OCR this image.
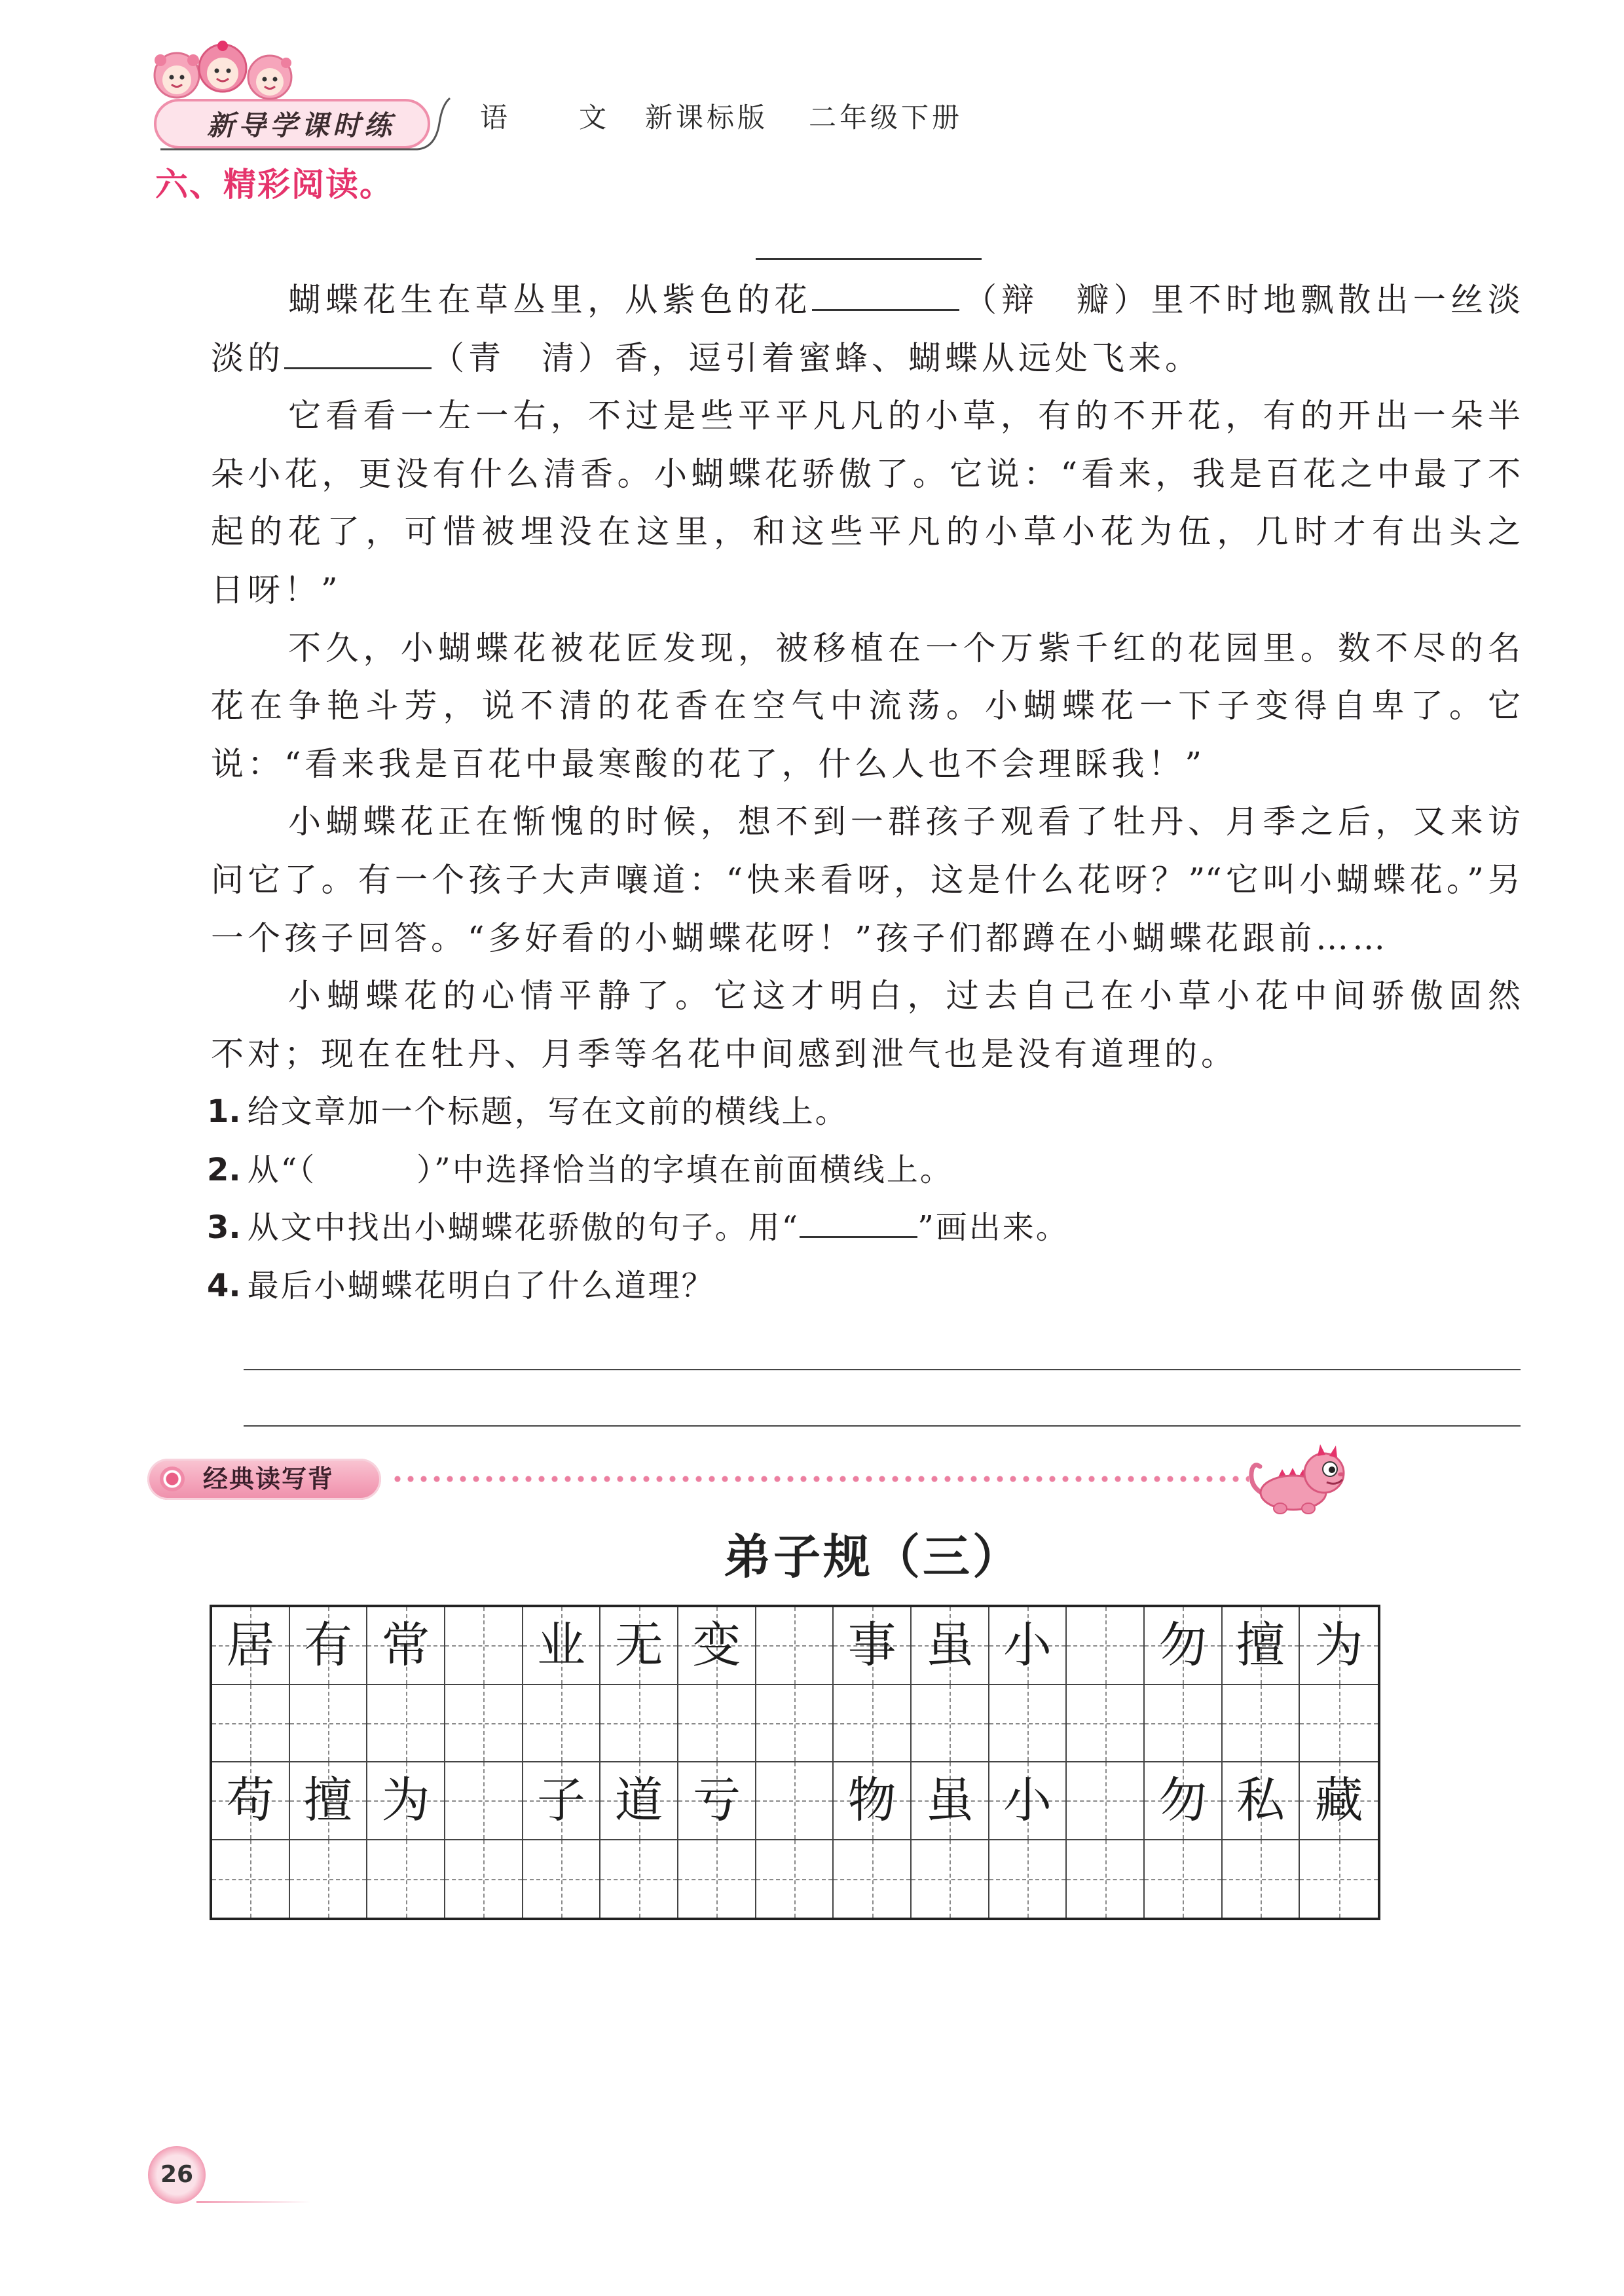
新导学课时练	语 文 新课标版 二年级下册
六、精彩阅读。
蝴蝶花生在草丛里，从紫色的花	（辩　瓣）里不时地飘散出一丝淡
淡的	（青　清）香，逗引着蜜蜂、蝴蝶从远处飞来。
它看看一左一右，不过是些平平凡凡的小草，有的不开花，有的开出一朵半
朵小花，更没有什么清香。小蝴蝶花骄傲了。它说：“看来，我是百花之中最了不
起的花了，可惜被埋没在这里，和这些平凡的小草小花为伍，几时才有出头之
日呀！”
不久，小蝴蝶花被花匠发现，被移植在一个万紫千红的花园里。数不尽的名
花在争艳斗芳，说不清的花香在空气中流荡。小蝴蝶花一下子变得自卑了。它
说：“看来我是百花中最寒酸的花了，什么人也不会理睬我！”
小蝴蝶花正在惭愧的时候，想不到一群孩子观看了牡丹、月季之后，又来访
问它了。有一个孩子大声嚷道：“快来看呀，这是什么花呀？”“它叫小蝴蝶花。”另
一个孩子回答。“多好看的小蝴蝶花呀！”孩子们都蹲在小蝴蝶花跟前……
小蝴蝶花的心情平静了。它这才明白，过去自己在小草小花中间骄傲固然
不对；现在在牡丹、月季等名花中间感到泄气也是没有道理的。
1. 给文章加一个标题，写在文前的横线上。
2. 从“（　　　）”中选择恰当的字填在前面横线上。
3. 从文中找出小蝴蝶花骄傲的句子。用“	”画出来。
4. 最后小蝴蝶花明白了什么道理？
经典读写背
弟子规（三）
居 有 常 业 无 变 事 虽 小 勿 擅 为
苟 擅 为 子 道 亏 物 虽 小 勿 私 藏
26
